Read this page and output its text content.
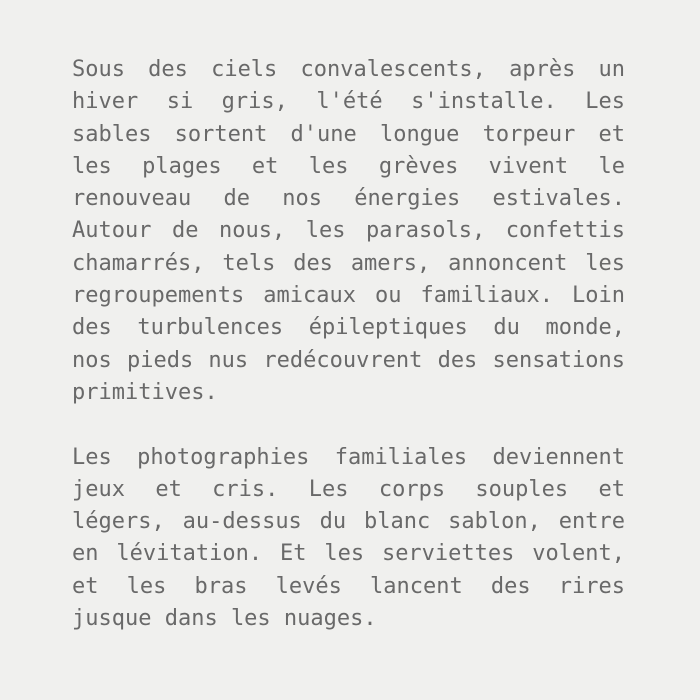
Sous des ciels convalescents, après un hiver si gris, l'été s'installe. Les sables sortent d'une longue torpeur et les plages et les grèves vivent le renouveau de nos énergies estivales. Autour de nous, les parasols, confettis chamarrés, tels des amers, annoncent les regroupements amicaux ou familiaux. Loin des turbulences épileptiques du monde, nos pieds nus redécouvrent des sensations primitives.

Les photographies familiales deviennent jeux et cris. Les corps souples et légers, au-dessus du blanc sablon, entre en lévitation. Et les serviettes volent, et les bras levés lancent des rires jusque dans les nuages.
